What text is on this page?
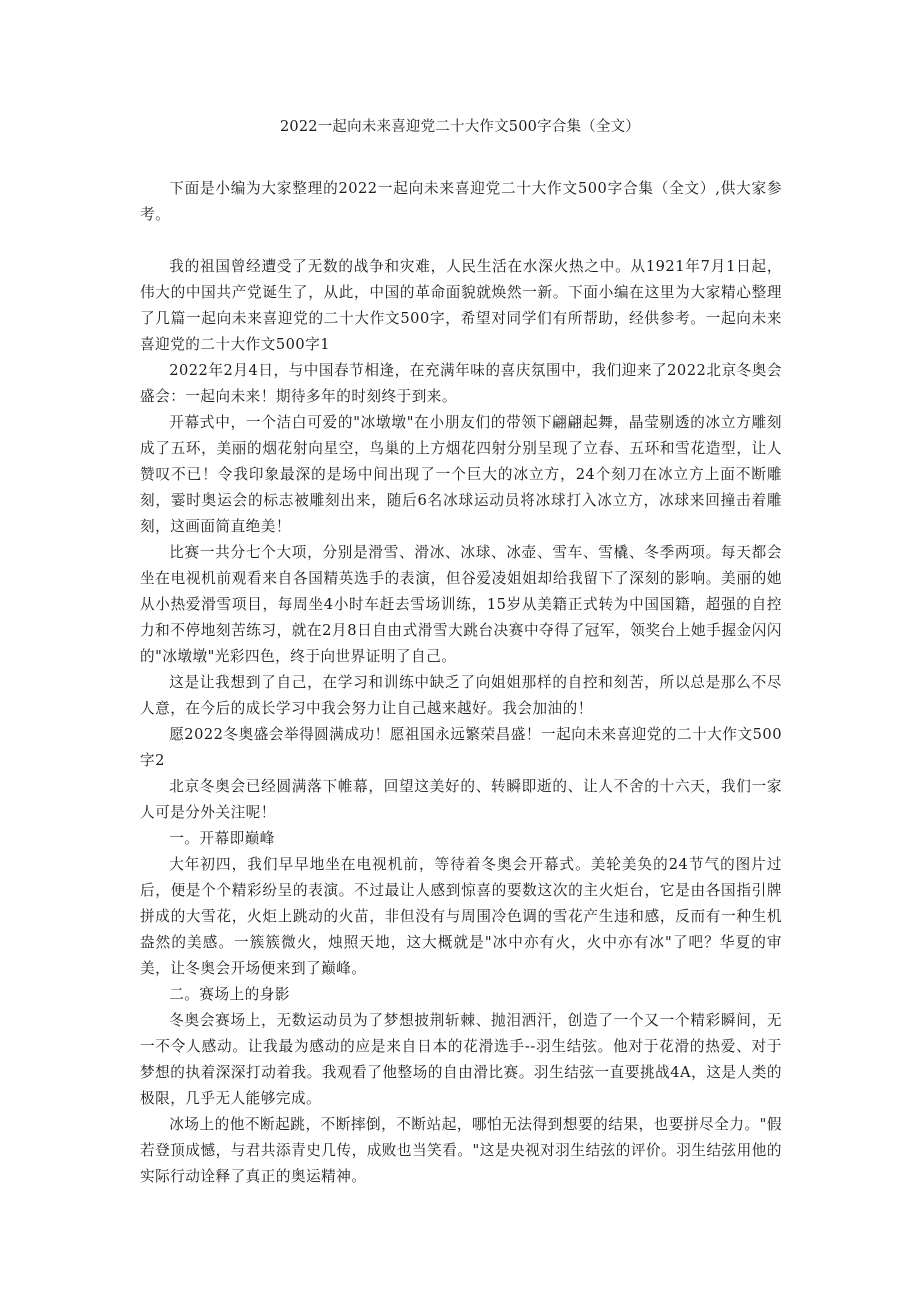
2022一起向未来喜迎党二十大作文500字合集（全文）

下面是小编为大家整理的2022一起向未来喜迎党二十大作文500字合集（全文）,供大家参考。

我的祖国曾经遭受了无数的战争和灾难，人民生活在水深火热之中。从1921年7月1日起，伟大的中国共产党诞生了，从此，中国的革命面貌就焕然一新。下面小编在这里为大家精心整理了几篇一起向未来喜迎党的二十大作文500字，希望对同学们有所帮助，经供参考。一起向未来喜迎党的二十大作文500字1

2022年2月4日，与中国春节相逢，在充满年味的喜庆氛围中，我们迎来了2022北京冬奥会盛会：一起向未来！期待多年的时刻终于到来。

开幕式中，一个洁白可爱的"冰墩墩"在小朋友们的带领下翩翩起舞，晶莹剔透的冰立方雕刻成了五环，美丽的烟花射向星空，鸟巢的上方烟花四射分别呈现了立春、五环和雪花造型，让人赞叹不已！令我印象最深的是场中间出现了一个巨大的冰立方，24个刻刀在冰立方上面不断雕刻，霎时奥运会的标志被雕刻出来，随后6名冰球运动员将冰球打入冰立方，冰球来回撞击着雕刻，这画面简直绝美！

比赛一共分七个大项，分别是滑雪、滑冰、冰球、冰壶、雪车、雪橇、冬季两项。每天都会坐在电视机前观看来自各国精英选手的表演，但谷爱凌姐姐却给我留下了深刻的影响。美丽的她从小热爱滑雪项目，每周坐4小时车赶去雪场训练，15岁从美籍正式转为中国国籍，超强的自控力和不停地刻苦练习，就在2月8日自由式滑雪大跳台决赛中夺得了冠军，领奖台上她手握金闪闪的"冰墩墩"光彩四色，终于向世界证明了自己。

这是让我想到了自己，在学习和训练中缺乏了向姐姐那样的自控和刻苦，所以总是那么不尽人意，在今后的成长学习中我会努力让自己越来越好。我会加油的！

愿2022冬奥盛会举得圆满成功！愿祖国永远繁荣昌盛！一起向未来喜迎党的二十大作文500字2

北京冬奥会已经圆满落下帷幕，回望这美好的、转瞬即逝的、让人不舍的十六天，我们一家人可是分外关注呢！

一。开幕即巅峰

大年初四，我们早早地坐在电视机前，等待着冬奥会开幕式。美轮美奂的24节气的图片过后，便是个个精彩纷呈的表演。不过最让人感到惊喜的要数这次的主火炬台，它是由各国指引牌拼成的大雪花，火炬上跳动的火苗，非但没有与周围冷色调的雪花产生违和感，反而有一种生机盎然的美感。一簇簇微火，烛照天地，这大概就是"冰中亦有火，火中亦有冰"了吧？华夏的审美，让冬奥会开场便来到了巅峰。

二。赛场上的身影

冬奥会赛场上，无数运动员为了梦想披荆斩棘、抛泪洒汗，创造了一个又一个精彩瞬间，无一不令人感动。让我最为感动的应是来自日本的花滑选手--羽生结弦。他对于花滑的热爱、对于梦想的执着深深打动着我。我观看了他整场的自由滑比赛。羽生结弦一直要挑战4A，这是人类的极限，几乎无人能够完成。

冰场上的他不断起跳，不断摔倒，不断站起，哪怕无法得到想要的结果，也要拼尽全力。"假若登顶成憾，与君共添青史几传，成败也当笑看。"这是央视对羽生结弦的评价。羽生结弦用他的实际行动诠释了真正的奥运精神。
